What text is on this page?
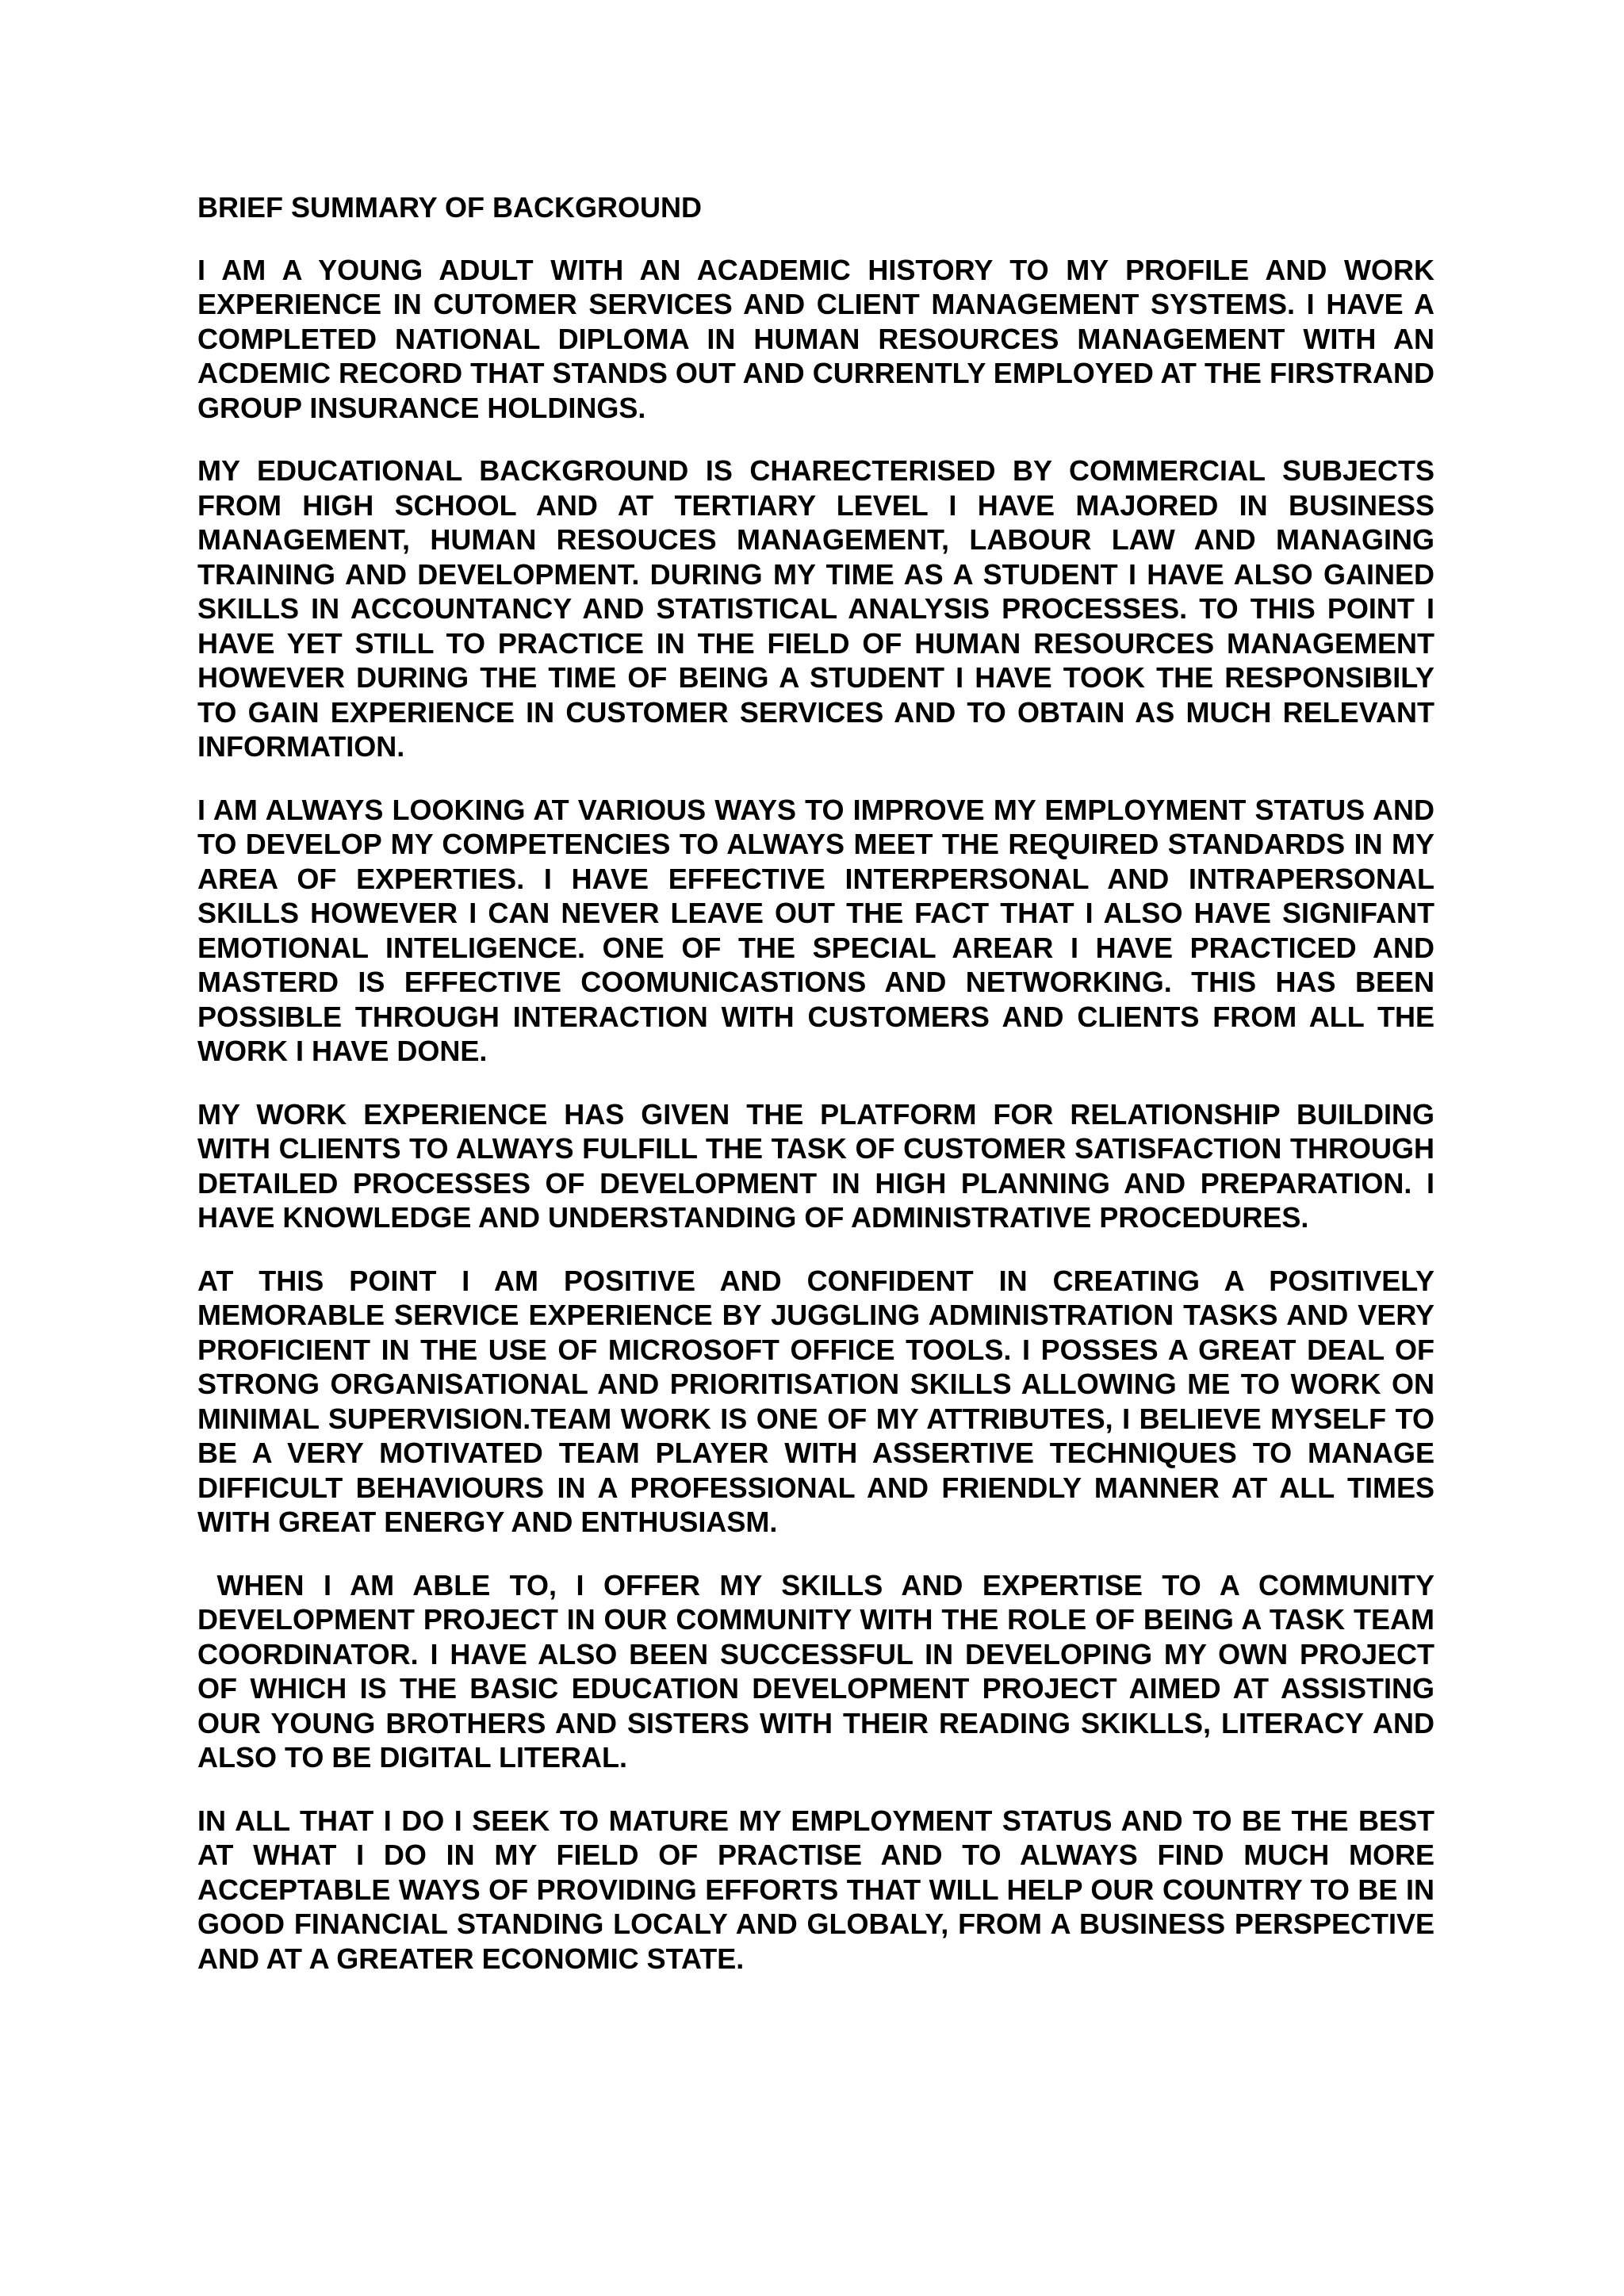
BRIEF SUMMARY OF BACKGROUND

I AM A YOUNG ADULT WITH AN ACADEMIC HISTORY TO MY PROFILE AND WORK EXPERIENCE IN CUTOMER SERVICES AND CLIENT MANAGEMENT SYSTEMS. I HAVE A COMPLETED NATIONAL DIPLOMA IN HUMAN RESOURCES MANAGEMENT WITH AN ACDEMIC RECORD THAT STANDS OUT AND CURRENTLY EMPLOYED AT THE FIRSTRAND GROUP INSURANCE HOLDINGS.

MY EDUCATIONAL BACKGROUND IS CHARECTERISED BY COMMERCIAL SUBJECTS FROM HIGH SCHOOL AND AT TERTIARY LEVEL I HAVE MAJORED IN BUSINESS MANAGEMENT, HUMAN RESOUCES MANAGEMENT, LABOUR LAW AND MANAGING TRAINING AND DEVELOPMENT. DURING MY TIME AS A STUDENT I HAVE ALSO GAINED SKILLS IN ACCOUNTANCY AND STATISTICAL ANALYSIS PROCESSES. TO THIS POINT I HAVE YET STILL TO PRACTICE IN THE FIELD OF HUMAN RESOURCES MANAGEMENT HOWEVER DURING THE TIME OF BEING A STUDENT I HAVE TOOK THE RESPONSIBILY TO GAIN EXPERIENCE IN CUSTOMER SERVICES AND TO OBTAIN AS MUCH RELEVANT INFORMATION.

I AM ALWAYS LOOKING AT VARIOUS WAYS TO IMPROVE MY EMPLOYMENT STATUS AND TO DEVELOP MY COMPETENCIES TO ALWAYS MEET THE REQUIRED STANDARDS IN MY AREA OF EXPERTIES. I HAVE EFFECTIVE INTERPERSONAL AND INTRAPERSONAL SKILLS HOWEVER I CAN NEVER LEAVE OUT THE FACT THAT I ALSO HAVE SIGNIFANT EMOTIONAL INTELIGENCE. ONE OF THE SPECIAL AREAR I HAVE PRACTICED AND MASTERD IS EFFECTIVE COOMUNICASTIONS AND NETWORKING. THIS HAS BEEN POSSIBLE THROUGH INTERACTION WITH CUSTOMERS AND CLIENTS FROM ALL THE WORK I HAVE DONE.

MY WORK EXPERIENCE HAS GIVEN THE PLATFORM FOR RELATIONSHIP BUILDING WITH CLIENTS TO ALWAYS FULFILL THE TASK OF CUSTOMER SATISFACTION THROUGH DETAILED PROCESSES OF DEVELOPMENT IN HIGH PLANNING AND PREPARATION. I HAVE KNOWLEDGE AND UNDERSTANDING OF ADMINISTRATIVE PROCEDURES.

AT THIS POINT I AM POSITIVE AND CONFIDENT IN CREATING A POSITIVELY MEMORABLE SERVICE EXPERIENCE BY JUGGLING ADMINISTRATION TASKS AND VERY PROFICIENT IN THE USE OF MICROSOFT OFFICE TOOLS. I POSSES A GREAT DEAL OF STRONG ORGANISATIONAL AND PRIORITISATION SKILLS ALLOWING ME TO WORK ON MINIMAL SUPERVISION.TEAM WORK IS ONE OF MY ATTRIBUTES, I BELIEVE MYSELF TO BE A VERY MOTIVATED TEAM PLAYER WITH ASSERTIVE TECHNIQUES TO MANAGE DIFFICULT BEHAVIOURS IN A PROFESSIONAL AND FRIENDLY MANNER AT ALL TIMES WITH GREAT ENERGY AND ENTHUSIASM.

WHEN I AM ABLE TO, I OFFER MY SKILLS AND EXPERTISE TO A COMMUNITY DEVELOPMENT PROJECT IN OUR COMMUNITY WITH THE ROLE OF BEING A TASK TEAM COORDINATOR. I HAVE ALSO BEEN SUCCESSFUL IN DEVELOPING MY OWN PROJECT OF WHICH IS THE BASIC EDUCATION DEVELOPMENT PROJECT AIMED AT ASSISTING OUR YOUNG BROTHERS AND SISTERS WITH THEIR READING SKIKLLS, LITERACY AND ALSO TO BE DIGITAL LITERAL.

IN ALL THAT I DO I SEEK TO MATURE MY EMPLOYMENT STATUS AND TO BE THE BEST AT WHAT I DO IN MY FIELD OF PRACTISE AND TO ALWAYS FIND MUCH MORE ACCEPTABLE WAYS OF PROVIDING EFFORTS THAT WILL HELP OUR COUNTRY TO BE IN GOOD FINANCIAL STANDING LOCALY AND GLOBALY, FROM A BUSINESS PERSPECTIVE AND AT A GREATER ECONOMIC STATE.
